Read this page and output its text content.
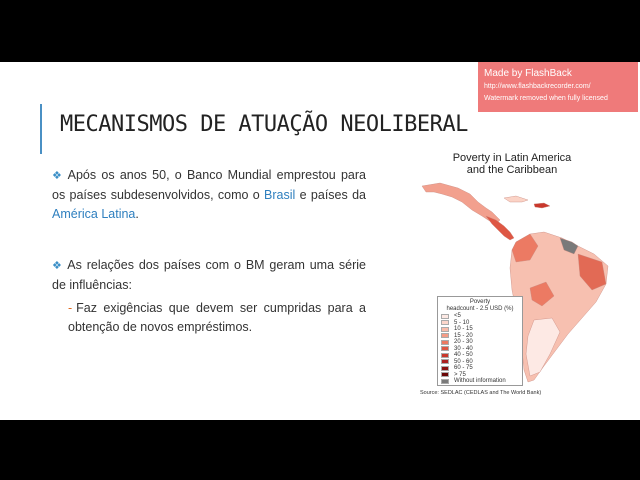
MECANISMOS DE ATUAÇÃO NEOLIBERAL
Made by FlashBack
http://www.flashbackrecorder.com/
Watermark removed when fully licensed
❖ Após os anos 50, o Banco Mundial emprestou para os países subdesenvolvidos, como o Brasil e países da América Latina.
❖ As relações dos países com o BM geram uma série de influências:
- Faz exigências que devem ser cumpridas para a obtenção de novos empréstimos.
Poverty in Latin America
and the Caribbean
Poverty
headcount - 2.5 USD (%)
<5
5 - 10
10 - 15
15 - 20
20 - 30
30 - 40
40 - 50
50 - 60
60 - 75
> 75
Without information
Source: SEDLAC (CEDLAS and The World Bank)
